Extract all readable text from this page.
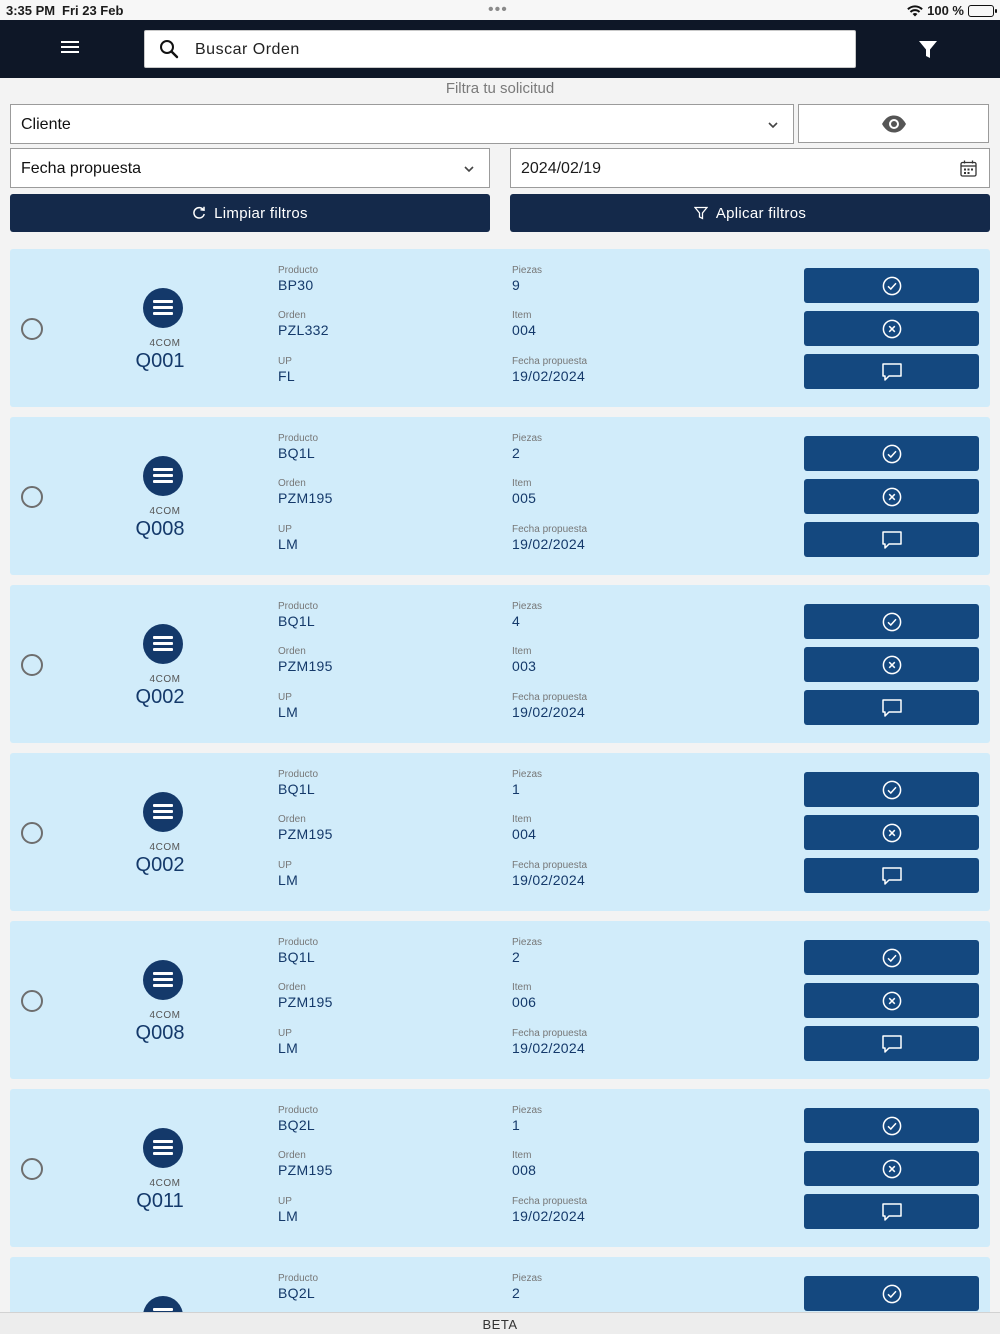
3:35 PM Fri 23 Feb	•••	100 %
Buscar Orden
Filtra tu solicitud
Cliente
Fecha propuesta	2024/02/19
Limpiar filtros	Aplicar filtros
4COM
Q001
Producto
BP30
Orden
PZL332
UP
FL
Piezas
9
Item
004
Fecha propuesta
19/02/2024
4COM
Q008
Producto
BQ1L
Orden
PZM195
UP
LM
Piezas
2
Item
005
Fecha propuesta
19/02/2024
4COM
Q002
Producto
BQ1L
Orden
PZM195
UP
LM
Piezas
4
Item
003
Fecha propuesta
19/02/2024
4COM
Q002
Producto
BQ1L
Orden
PZM195
UP
LM
Piezas
1
Item
004
Fecha propuesta
19/02/2024
4COM
Q008
Producto
BQ1L
Orden
PZM195
UP
LM
Piezas
2
Item
006
Fecha propuesta
19/02/2024
4COM
Q011
Producto
BQ2L
Orden
PZM195
UP
LM
Piezas
1
Item
008
Fecha propuesta
19/02/2024
Producto
BQ2L
Piezas
2
BETA
